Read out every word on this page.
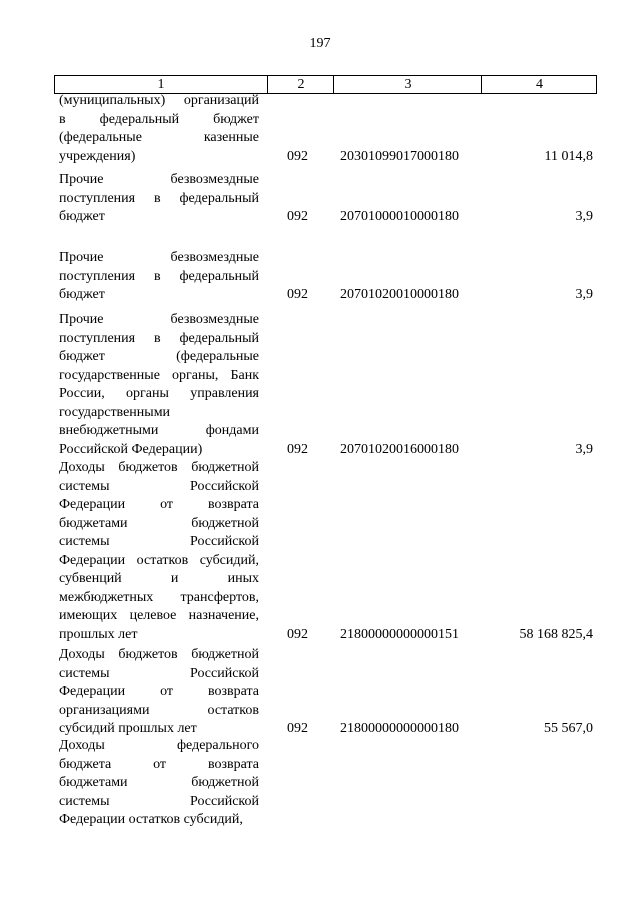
197
1	2	3	4
(муниципальных) организаций
в федеральный бюджет
(федеральные казенные
учреждения)	092 20301099017000180	11 014,8
Прочие безвозмездные
поступления в федеральный
бюджет	092 20701000010000180	3,9
Прочие безвозмездные
поступления в федеральный
бюджет	092 20701020010000180	3,9
Прочие безвозмездные
поступления в федеральный
бюджет (федеральные
государственные органы, Банк
России, органы управления
государственными
внебюджетными фондами
Российской Федерации)	092 20701020016000180	3,9
Доходы бюджетов бюджетной
системы Российской
Федерации от возврата
бюджетами бюджетной
системы Российской
Федерации остатков субсидий,
субвенций и иных
межбюджетных трансфертов,
имеющих целевое назначение,
прошлых лет	092 21800000000000151	58 168 825,4
Доходы бюджетов бюджетной
системы Российской
Федерации от возврата
организациями остатков
субсидий прошлых лет	092 21800000000000180	55 567,0
Доходы федерального
бюджета от возврата
бюджетами бюджетной
системы Российской
Федерации остатков субсидий,
